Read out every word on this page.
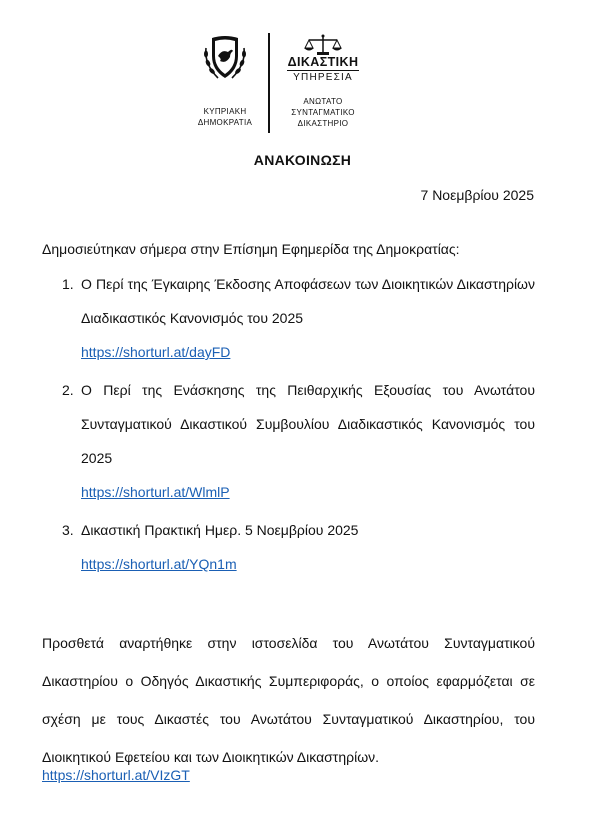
ΚΥΠΡΙΑΚΗ
ΔΗΜΟΚΡΑΤΙΑ
ΔΙΚΑΣΤΙΚΗ
ΥΠΗΡΕΣΙΑ
ΑΝΩΤΑΤΟ
ΣΥΝΤΑΓΜΑΤΙΚΟ
ΔΙΚΑΣΤΗΡΙΟ
ΑΝΑΚΟΙΝΩΣΗ
7 Νοεμβρίου 2025
Δημοσιεύτηκαν σήμερα στην Επίσημη Εφημερίδα της Δημοκρατίας:
1. Ο Περί της Έγκαιρης Έκδοσης Αποφάσεων των Διοικητικών Δικαστηρίων Διαδικαστικός Κανονισμός του 2025
https://shorturl.at/dayFD
2. Ο Περί της Ενάσκησης της Πειθαρχικής Εξουσίας του Ανωτάτου Συνταγματικού Δικαστικού Συμβουλίου Διαδικαστικός Κανονισμός του 2025
https://shorturl.at/WlmlP
3. Δικαστική Πρακτική Ημερ. 5 Νοεμβρίου 2025
https://shorturl.at/YQn1m
Προσθετά αναρτήθηκε στην ιστοσελίδα του Ανωτάτου Συνταγματικού Δικαστηρίου ο Οδηγός Δικαστικής Συμπεριφοράς, ο οποίος εφαρμόζεται σε σχέση με τους Δικαστές του Ανωτάτου Συνταγματικού Δικαστηρίου, του Διοικητικού Εφετείου και των Διοικητικών Δικαστηρίων.
https://shorturl.at/VIzGT
